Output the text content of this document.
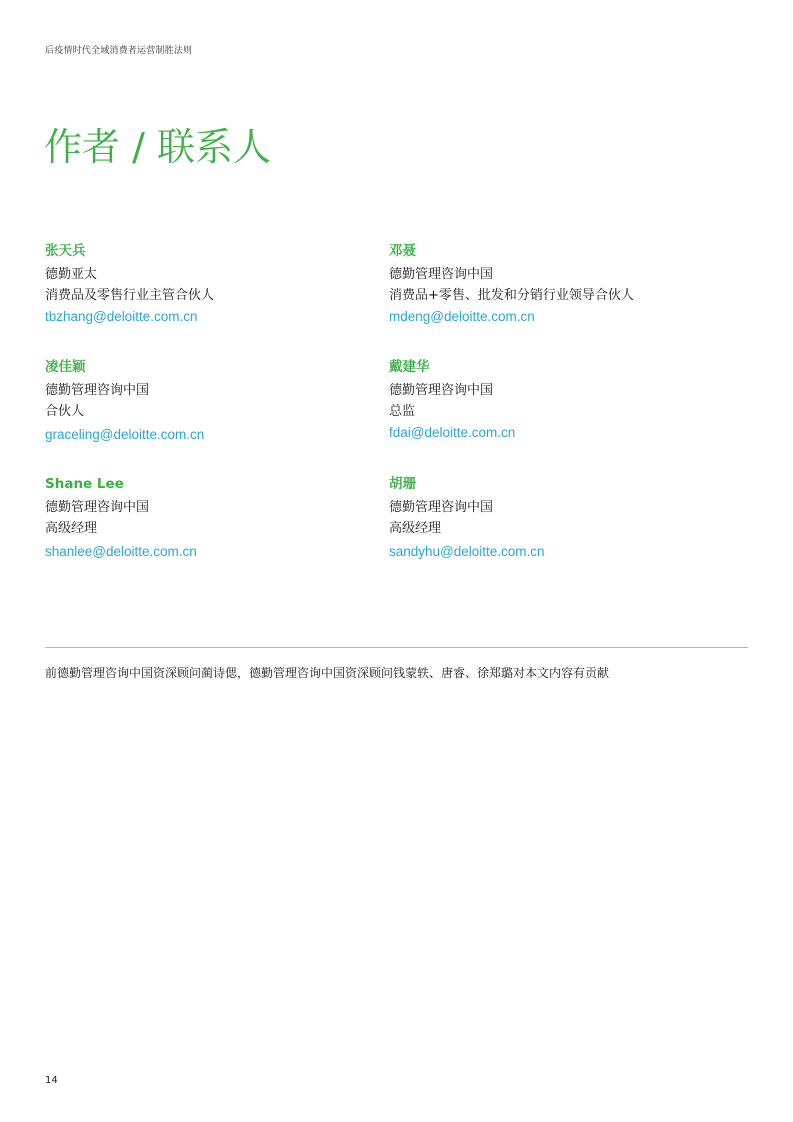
后疫情时代全域消费者运营制胜法则
作者 / 联系人
张天兵
德勤亚太
消费品及零售行业主管合伙人
tbzhang@deloitte.com.cn
邓聂
德勤管理咨询中国
消费品+零售、批发和分销行业领导合伙人
mdeng@deloitte.com.cn
凌佳颖
德勤管理咨询中国
合伙人
graceling@deloitte.com.cn
戴建华
德勤管理咨询中国
总监
fdai@deloitte.com.cn
Shane Lee
德勤管理咨询中国
高级经理
shanlee@deloitte.com.cn
胡珊
德勤管理咨询中国
高级经理
sandyhu@deloitte.com.cn
前德勤管理咨询中国资深顾问蔺诗偲，德勤管理咨询中国资深顾问钱蒙轶、唐睿、徐郑璐对本文内容有贡献
14
